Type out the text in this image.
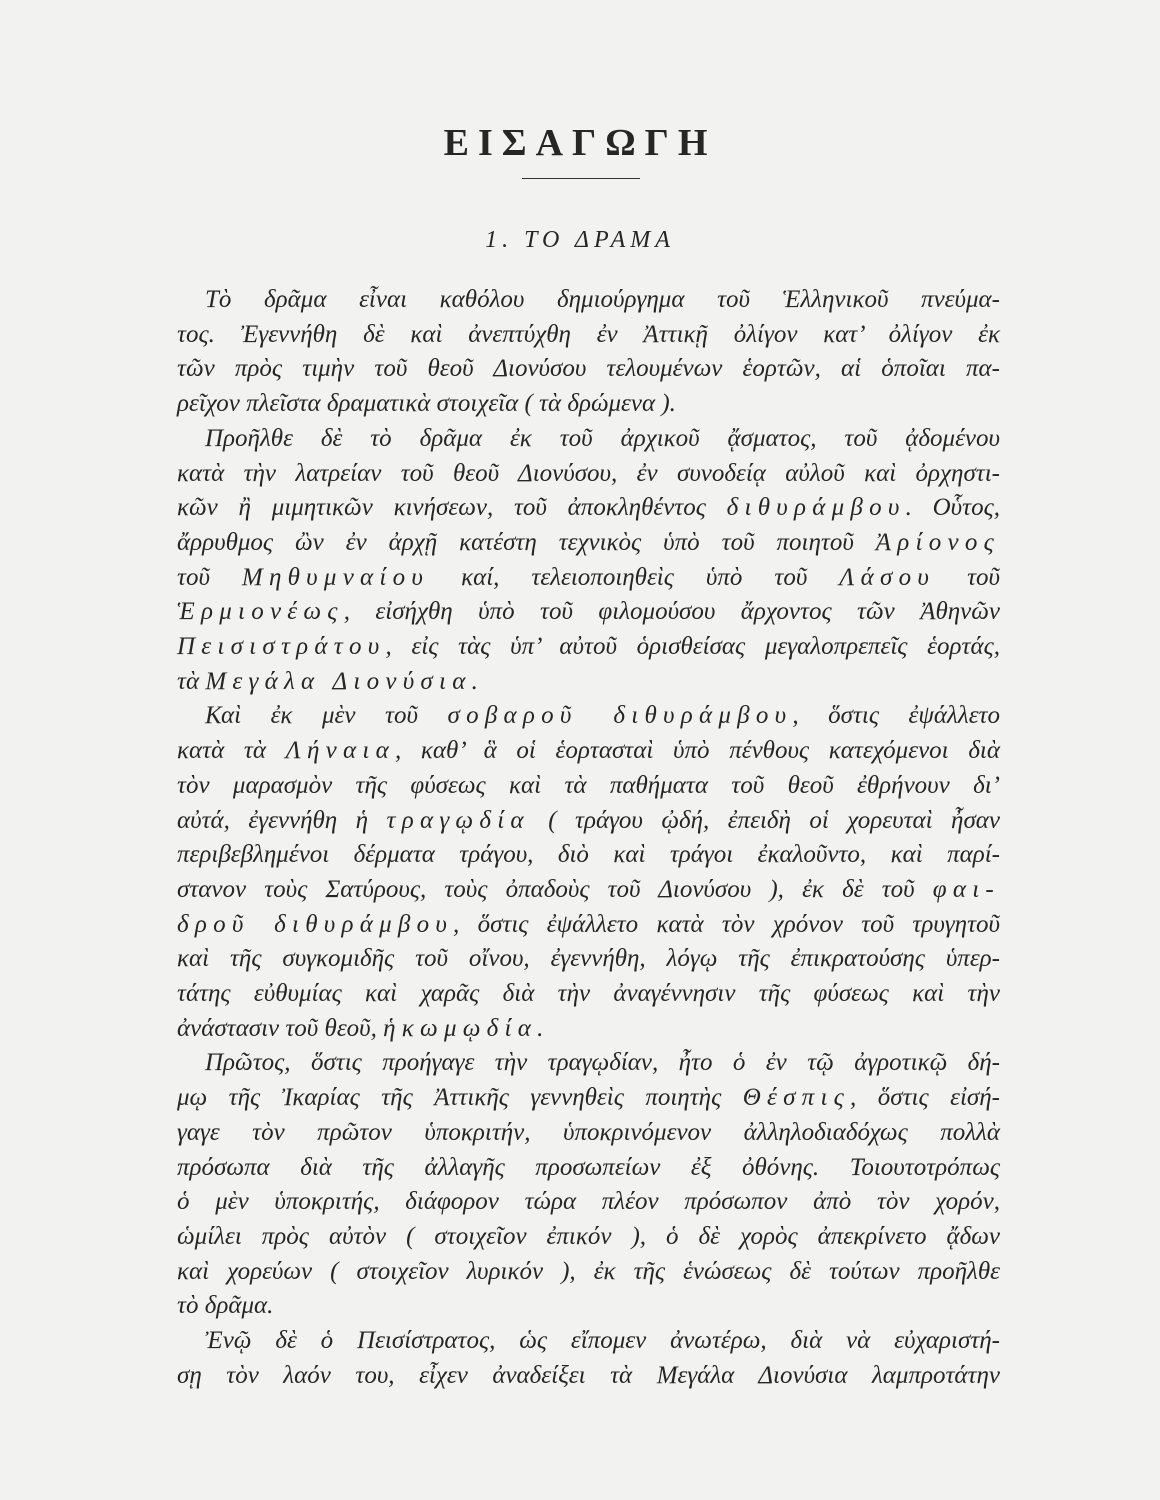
ΕΙΣΑΓΩΓΗ
1. ΤΟ ΔΡΑΜΑ
Τὸ δρᾶμα εἶναι καθόλου δημιούργημα τοῦ Ἑλληνικοῦ πνεύμα-
τος. Ἐγεννήθη δὲ καὶ ἀνεπτύχθη ἐν Ἀττικῇ ὀλίγον κατ’ ὀλίγον ἐκ
τῶν πρὸς τιμὴν τοῦ θεοῦ Διονύσου τελουμένων ἑορτῶν, αἱ ὁποῖαι πα-
ρεῖχον πλεῖστα δραματικὰ στοιχεῖα ( τὰ δρώμενα ).
Προῆλθε δὲ τὸ δρᾶμα ἐκ τοῦ ἀρχικοῦ ᾄσματος, τοῦ ᾀδομένου
κατὰ τὴν λατρείαν τοῦ θεοῦ Διονύσου, ἐν συνοδείᾳ αὐλοῦ καὶ ὀρχηστι-
κῶν ἢ μιμητικῶν κινήσεων, τοῦ ἀποκληθέντος διθυράμβου. Οὗτος,
ἄρρυθμος ὢν ἐν ἀρχῇ κατέστη τεχνικὸς ὑπὸ τοῦ ποιητοῦ Ἀρίονος
τοῦ Μηθυμναίου καί, τελειοποιηθεὶς ὑπὸ τοῦ Λάσου τοῦ
Ἑρμιονέως, εἰσήχθη ὑπὸ τοῦ φιλομούσου ἄρχοντος τῶν Ἀθηνῶν
Πεισιστράτου, εἰς τὰς ὑπ’ αὐτοῦ ὁρισθείσας μεγαλοπρεπεῖς ἑορτάς,
τὰ Μεγάλα Διονύσια.
Καὶ ἐκ μὲν τοῦ σοβαροῦ διθυράμβου, ὅστις ἐψάλλετο
κατὰ τὰ Λήναια, καθ’ ἃ οἱ ἑορτασταὶ ὑπὸ πένθους κατεχόμενοι διὰ
τὸν μαρασμὸν τῆς φύσεως καὶ τὰ παθήματα τοῦ θεοῦ ἐθρήνουν δι’
αὐτά, ἐγεννήθη ἡ τραγῳδία ( τράγου ᾠδή, ἐπειδὴ οἱ χορευταὶ ἦσαν
περιβεβλημένοι δέρματα τράγου, διὸ καὶ τράγοι ἐκαλοῦντο, καὶ παρί-
στανον τοὺς Σατύρους, τοὺς ὀπαδοὺς τοῦ Διονύσου ), ἐκ δὲ τοῦ φαι-
δροῦ διθυράμβου, ὅστις ἐψάλλετο κατὰ τὸν χρόνον τοῦ τρυγητοῦ
καὶ τῆς συγκομιδῆς τοῦ οἴνου, ἐγεννήθη, λόγῳ τῆς ἐπικρατούσης ὑπερ-
τάτης εὐθυμίας καὶ χαρᾶς διὰ τὴν ἀναγέννησιν τῆς φύσεως καὶ τὴν
ἀνάστασιν τοῦ θεοῦ, ἡ κωμῳδία.
Πρῶτος, ὅστις προήγαγε τὴν τραγῳδίαν, ἦτο ὁ ἐν τῷ ἀγροτικῷ δή-
μῳ τῆς Ἰκαρίας τῆς Ἀττικῆς γεννηθεὶς ποιητὴς Θέσπις, ὅστις εἰσή-
γαγε τὸν πρῶτον ὑποκριτήν, ὑποκρινόμενον ἀλληλοδιαδόχως πολλὰ
πρόσωπα διὰ τῆς ἀλλαγῆς προσωπείων ἐξ ὀθόνης. Τοιουτοτρόπως
ὁ μὲν ὑποκριτής, διάφορον τώρα πλέον πρόσωπον ἀπὸ τὸν χορόν,
ὡμίλει πρὸς αὐτὸν ( στοιχεῖον ἐπικόν ), ὁ δὲ χορὸς ἀπεκρίνετο ᾄδων
καὶ χορεύων ( στοιχεῖον λυρικόν ), ἐκ τῆς ἑνώσεως δὲ τούτων προῆλθε
τὸ δρᾶμα.
Ἐνῷ δὲ ὁ Πεισίστρατος, ὡς εἴπομεν ἀνωτέρω, διὰ νὰ εὐχαριστή-
σῃ τὸν λαόν του, εἶχεν ἀναδείξει τὰ Μεγάλα Διονύσια λαμπροτάτην
